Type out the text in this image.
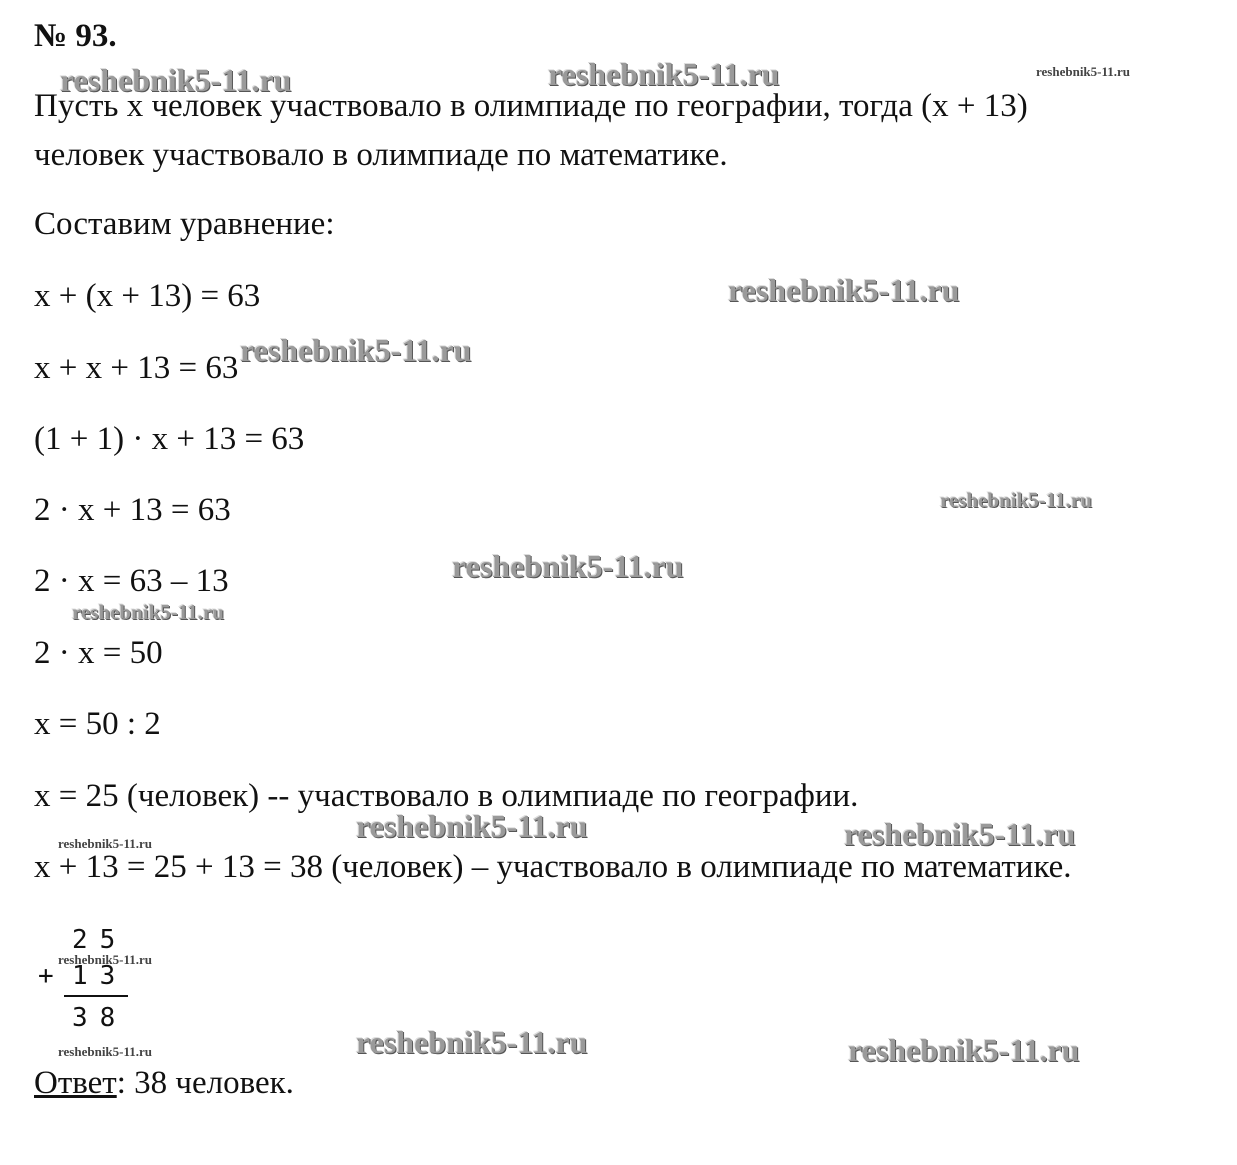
№ 93.
Пусть x человек участвовало в олимпиаде по географии, тогда (x + 13)
человек участвовало в олимпиаде по математике.
Составим уравнение:
x + (x + 13) = 63
x + x + 13 = 63
(1 + 1) · x + 13 = 63
2 · x + 13 = 63
2 · x = 63 – 13
2 · x = 50
x = 50 : 2
x = 25 (человек) -- участвовало в олимпиаде по географии.
x + 13 = 25 + 13 = 38 (человек) – участвовало в олимпиаде по математике.
25
+ 13
38
Ответ: 38 человек.
reshebnik5-11.ru	reshebnik5-11.ru	reshebnik5-11.ru
reshebnik5-11.ru
reshebnik5-11.ru
reshebnik5-11.ru
reshebnik5-11.ru
reshebnik5-11.ru
reshebnik5-11.ru	reshebnik5-11.ru
reshebnik5-11.ru
reshebnik5-11.ru
reshebnik5-11.ru	reshebnik5-11.ru
reshebnik5-11.ru
